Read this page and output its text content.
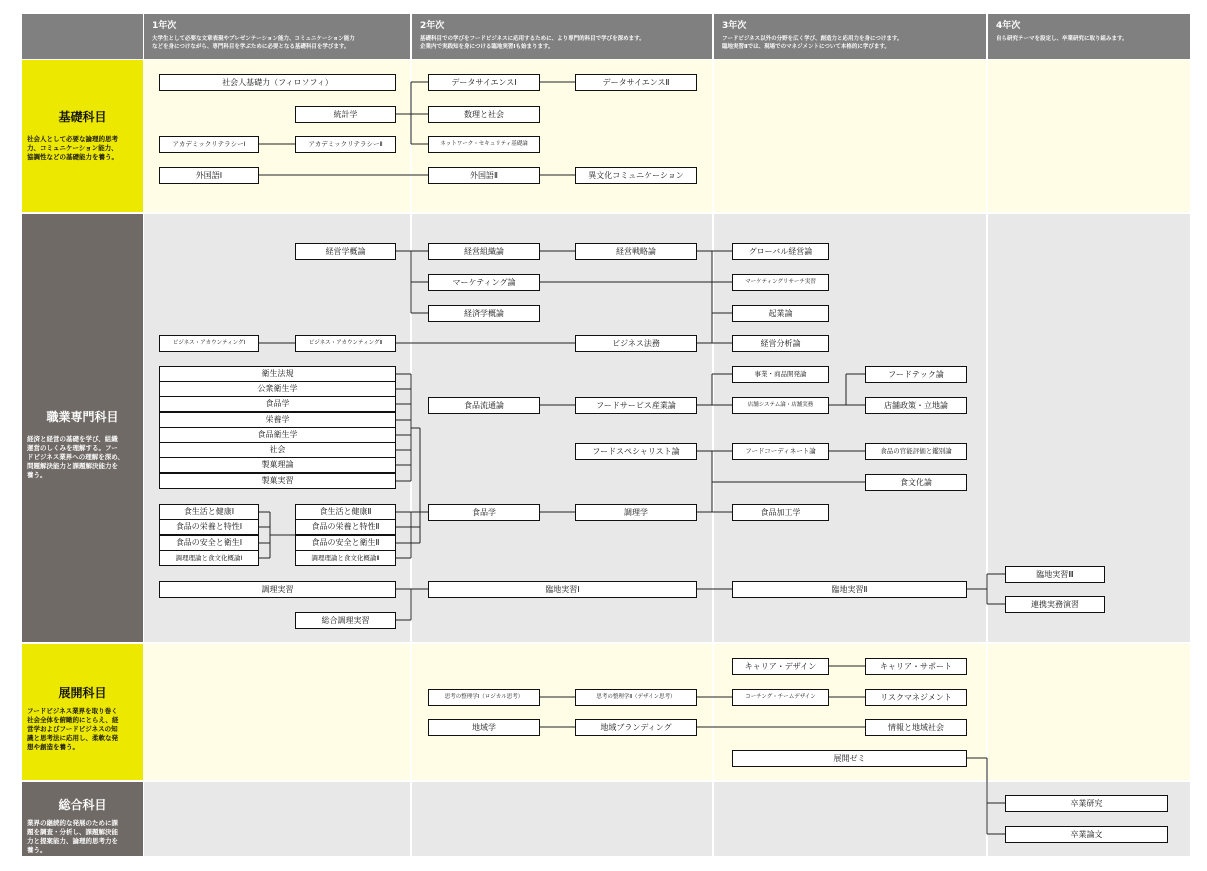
1年次
大学生として必要な文章表現やプレゼンテーション能力、コミュニケーション能力
などを身につけながら、専門科目を学ぶために必要となる基礎科目を学びます。
2年次
基礎科目での学びをフードビジネスに応用するために、より専門的科目で学びを深めます。
企業内で実践知を身につける臨地実習Ⅰも始まります。
3年次
フードビジネス以外の分野を広く学び、創造力と応用力を身につけます。
臨地実習Ⅱでは、現場でのマネジメントについて本格的に学びます。
4年次
自ら研究テーマを設定し、卒業研究に取り組みます。
基礎科目
社会人として必要な論理的思考
力、コミュニケーション能力、
協調性などの基礎能力を養う。
職業専門科目
経済と経営の基礎を学び、組織
運営のしくみを理解する。フー
ドビジネス業界への理解を深め、
問題解決能力と課題解決能力を
養う。
展開科目
フードビジネス業界を取り巻く
社会全体を俯瞰的にとらえ、経
営学およびフードビジネスの知
識と思考法に応用し、柔軟な発
想や創造を養う。
総合科目
業界の継続的な発展のために課
題を調査・分析し、課題解決能
力と提案能力、論理的思考力を
養う。
社会人基礎力（フィロソフィ）
統計学
アカデミックリテラシーⅠ	アカデミックリテラシーⅡ
外国語Ⅰ
データサイエンスⅠ
数理と社会
ネットワーク・セキュリティ基礎論
外国語Ⅱ
データサイエンスⅡ
異文化コミュニケーション
経営学概論	経営組織論	経営戦略論
マーケティング論
経済学概論
グローバル経営論
マーケティングリサーチ実習
起業論
経営分析論
ビジネス・アカウンティングⅠ	ビジネス・アカウンティングⅡ	ビジネス法務
衛生法規
公衆衛生学
食品学
栄養学
食品衛生学
社会
製菓理論
製菓実習
食品流通論	フードサービス産業論
事業・商品開発論
店舗システム論・店舗実務
フードテック論
店舗政策・立地論
フードスペシャリスト論	フードコーディネート論	食品の官能評価と鑑別論
食文化論
食生活と健康Ⅰ
食品の栄養と特性Ⅰ
食品の安全と衛生Ⅰ
調理理論と食文化概論Ⅰ
食生活と健康Ⅱ
食品の栄養と特性Ⅱ
食品の安全と衛生Ⅱ
調理理論と食文化概論Ⅱ
食品学	調理学	食品加工学
調理実習	臨地実習Ⅰ	臨地実習Ⅱ
臨地実習Ⅲ
連携実務演習
総合調理実習
キャリア・デザイン	キャリア・サポート
思考の整理学Ⅰ（ロジカル思考）	思考の整理学Ⅱ（デザイン思考）	コーチング・チームデザイン	リスクマネジメント
地域学	地域ブランディング	情報と地域社会
展開ゼミ
卒業研究
卒業論文
